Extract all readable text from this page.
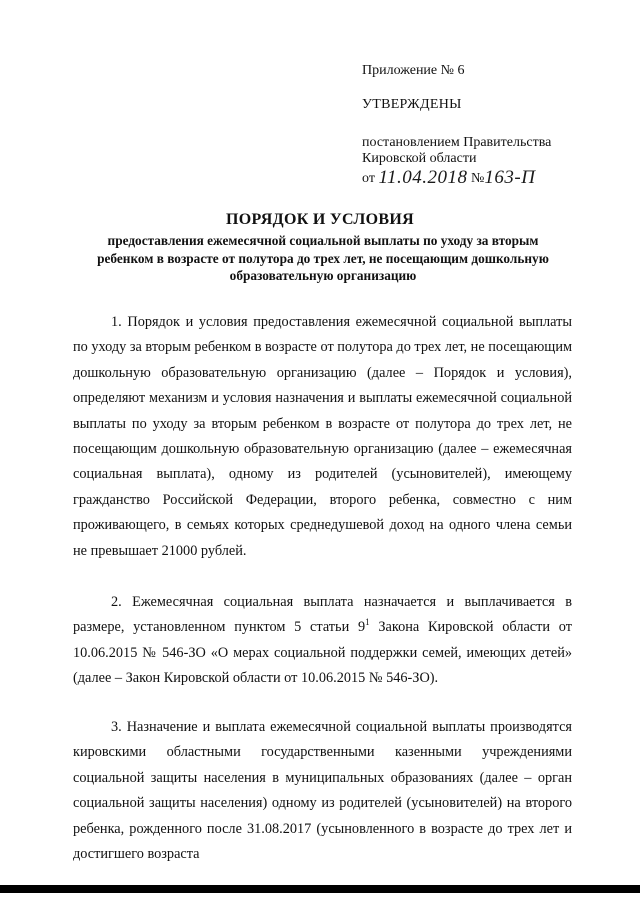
Приложение № 6
УТВЕРЖДЕНЫ
постановлением Правительства
Кировской области
от 11.04.2018 №163-П
ПОРЯДОК И УСЛОВИЯ
предоставления ежемесячной социальной выплаты по уходу за вторым ребенком в возрасте от полутора до трех лет, не посещающим дошкольную образовательную организацию

1. Порядок и условия предоставления ежемесячной социальной выплаты по уходу за вторым ребенком в возрасте от полутора до трех лет, не посещающим дошкольную образовательную организацию (далее – Порядок и условия), определяют механизм и условия назначения и выплаты ежемесячной социальной выплаты по уходу за вторым ребенком в возрасте от полутора до трех лет, не посещающим дошкольную образовательную организацию (далее – ежемесячная социальная выплата), одному из родителей (усыновителей), имеющему гражданство Российской Федерации, второго ребенка, совместно с ним проживающего, в семьях которых среднедушевой доход на одного члена семьи не превышает 21000 рублей.

2. Ежемесячная социальная выплата назначается и выплачивается в размере, установленном пунктом 5 статьи $9^1$ Закона Кировской области от 10.06.2015 № 546-ЗО «О мерах социальной поддержки семей, имеющих детей» (далее – Закон Кировской области от 10.06.2015 № 546-ЗО).

3. Назначение и выплата ежемесячной социальной выплаты производятся кировскими областными государственными казенными учреждениями социальной защиты населения в муниципальных образованиях (далее – орган социальной защиты населения) одному из родителей (усыновителей) на второго ребенка, рожденного после 31.08.2017 (усыновленного в возрасте до трех лет и достигшего возраста
